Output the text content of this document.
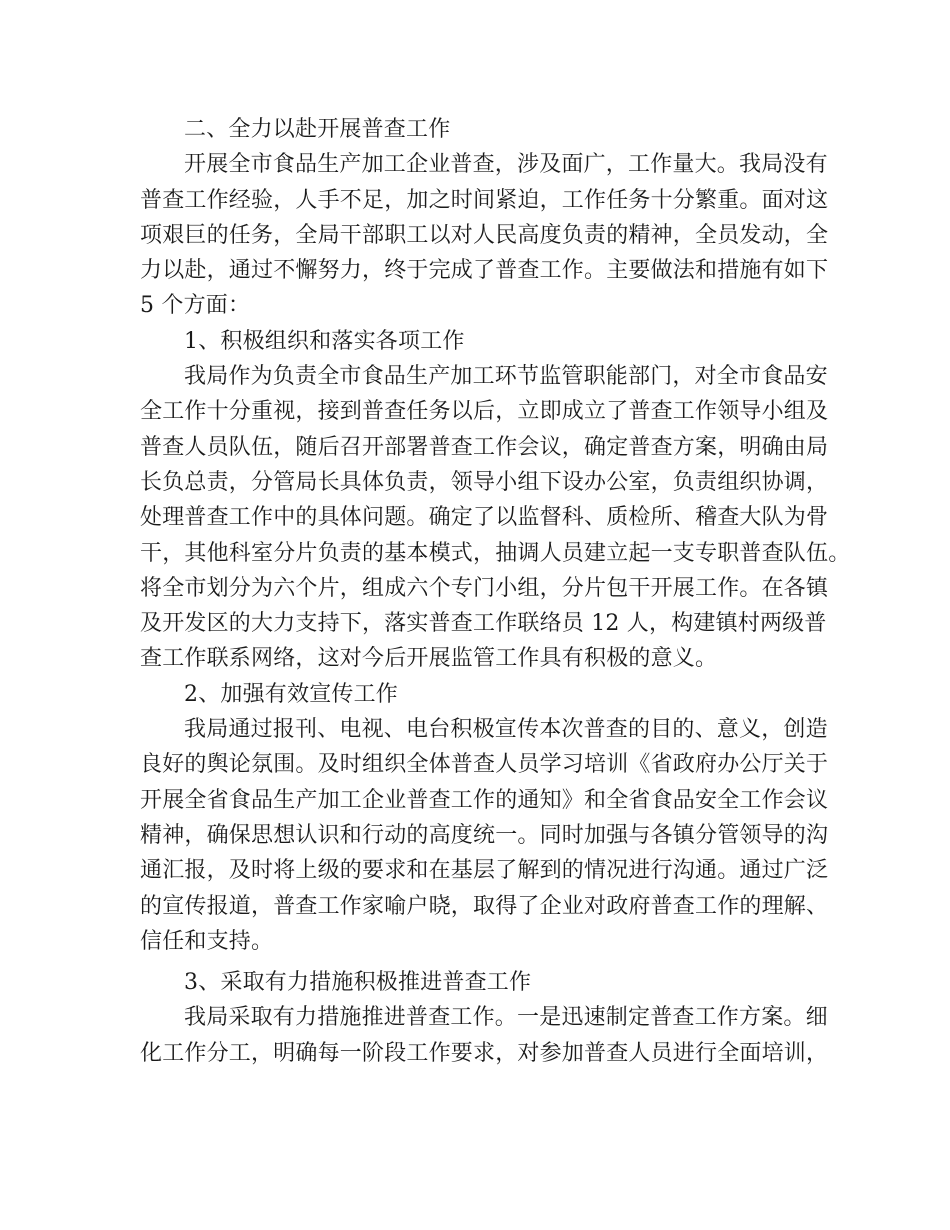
二、全力以赴开展普查工作
开展全市食品生产加工企业普查，涉及面广，工作量大。我局没有
普查工作经验，人手不足，加之时间紧迫，工作任务十分繁重。面对这
项艰巨的任务，全局干部职工以对人民高度负责的精神，全员发动，全
力以赴，通过不懈努力，终于完成了普查工作。主要做法和措施有如下
5 个方面：
1、积极组织和落实各项工作
我局作为负责全市食品生产加工环节监管职能部门，对全市食品安
全工作十分重视，接到普查任务以后，立即成立了普查工作领导小组及
普查人员队伍，随后召开部署普查工作会议，确定普查方案，明确由局
长负总责，分管局长具体负责，领导小组下设办公室，负责组织协调，
处理普查工作中的具体问题。确定了以监督科、质检所、稽查大队为骨
干，其他科室分片负责的基本模式，抽调人员建立起一支专职普查队伍。
将全市划分为六个片，组成六个专门小组，分片包干开展工作。在各镇
及开发区的大力支持下，落实普查工作联络员 12 人，构建镇村两级普
查工作联系网络，这对今后开展监管工作具有积极的意义。
2、加强有效宣传工作
我局通过报刊、电视、电台积极宣传本次普查的目的、意义，创造
良好的舆论氛围。及时组织全体普查人员学习培训《省政府办公厅关于
开展全省食品生产加工企业普查工作的通知》和全省食品安全工作会议
精神，确保思想认识和行动的高度统一。同时加强与各镇分管领导的沟
通汇报，及时将上级的要求和在基层了解到的情况进行沟通。通过广泛
的宣传报道，普查工作家喻户晓，取得了企业对政府普查工作的理解、
信任和支持。
3、采取有力措施积极推进普查工作
我局采取有力措施推进普查工作。一是迅速制定普查工作方案。细
化工作分工，明确每一阶段工作要求，对参加普查人员进行全面培训，
